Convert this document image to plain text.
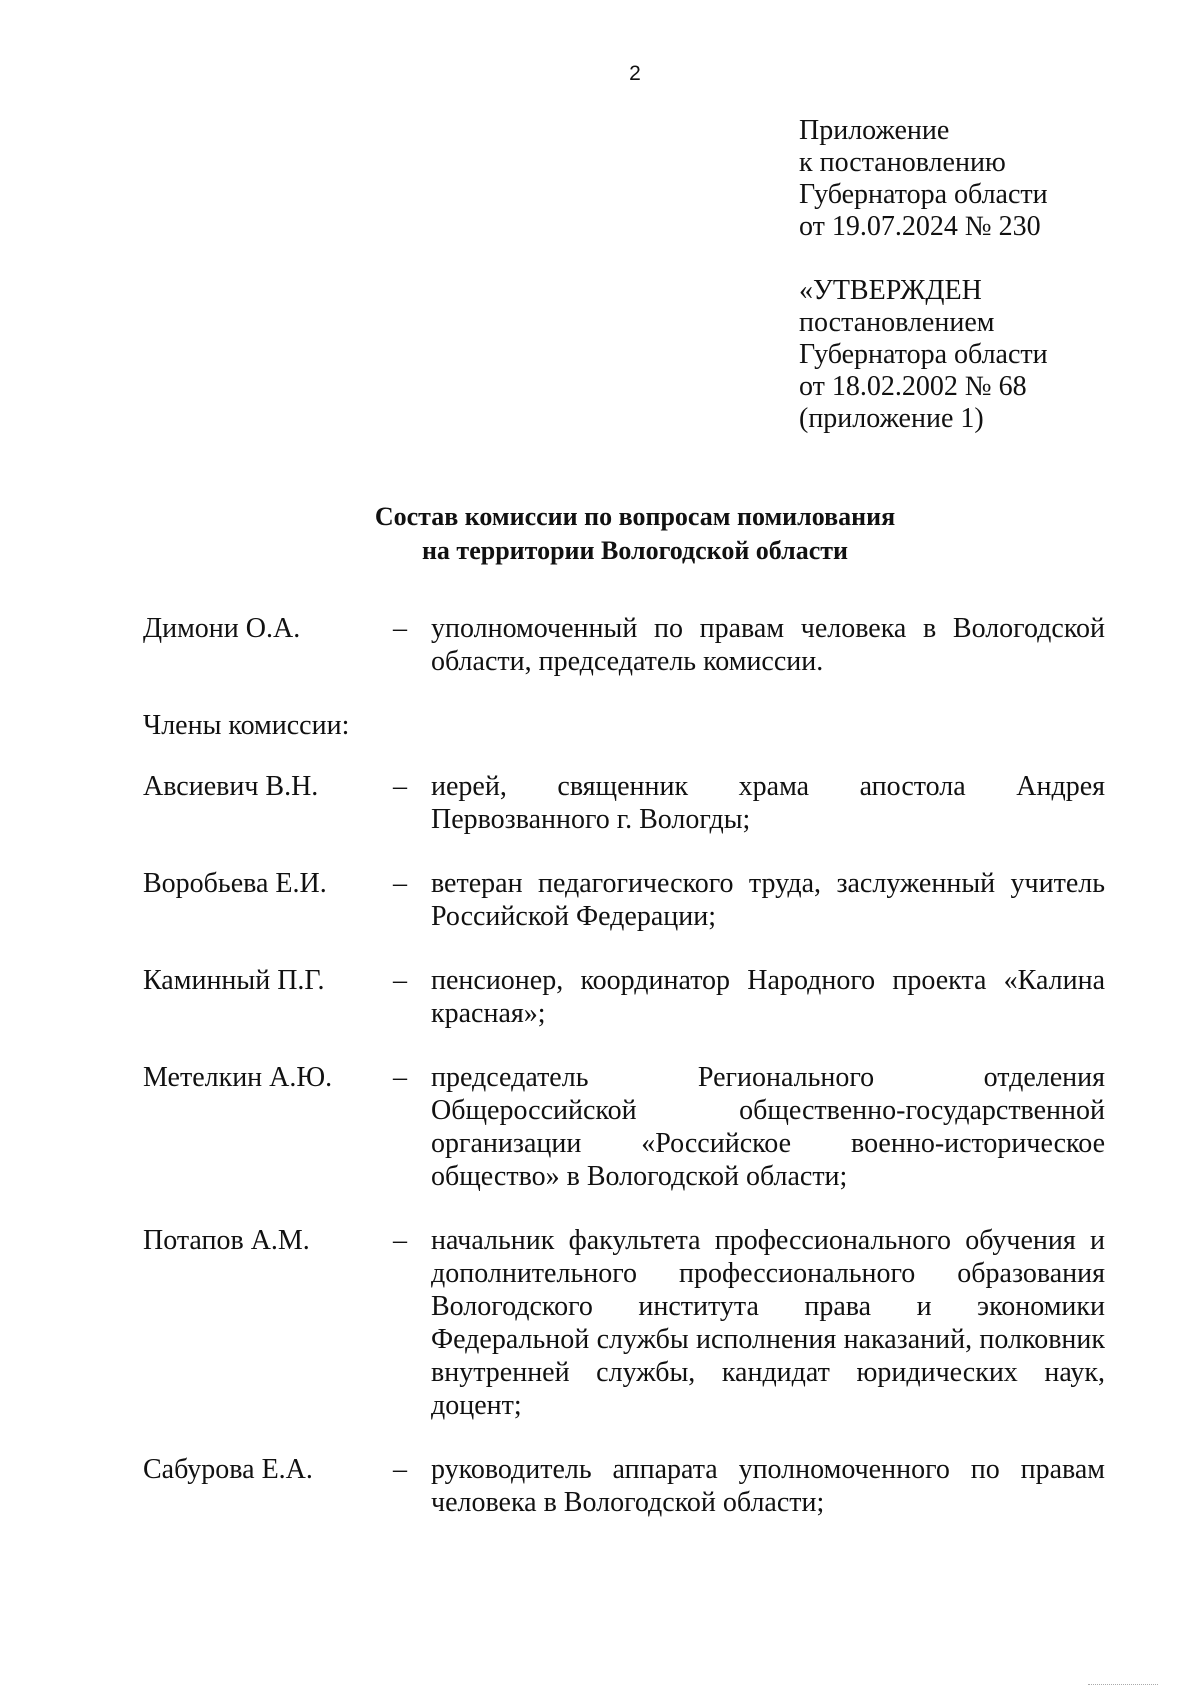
2
Приложение
к постановлению
Губернатора области
от 19.07.2024 № 230
«УТВЕРЖДЕН
постановлением
Губернатора области
от 18.02.2002 № 68
(приложение 1)
Состав комиссии по вопросам помилования
на территории Вологодской области
Димони О.А.	– уполномоченный по правам человека в Вологодской области, председатель комиссии.
Члены комиссии:
Авсиевич В.Н.	– иерей, священник храма апостола Андрея Первозванного г. Вологды;
Воробьева Е.И.	– ветеран педагогического труда, заслуженный учитель Российской Федерации;
Каминный П.Г.	– пенсионер, координатор Народного проекта «Калина красная»;
Метелкин А.Ю.	– председатель Регионального отделения Общероссийской общественно-государственной организации «Российское военно-историческое общество» в Вологодской области;
Потапов А.М.	– начальник факультета профессионального обучения и дополнительного профессионального образования Вологодского института права и экономики Федеральной службы исполнения наказаний, полковник внутренней службы, кандидат юридических наук, доцент;
Сабурова Е.А.	– руководитель аппарата уполномоченного по правам человека в Вологодской области;
